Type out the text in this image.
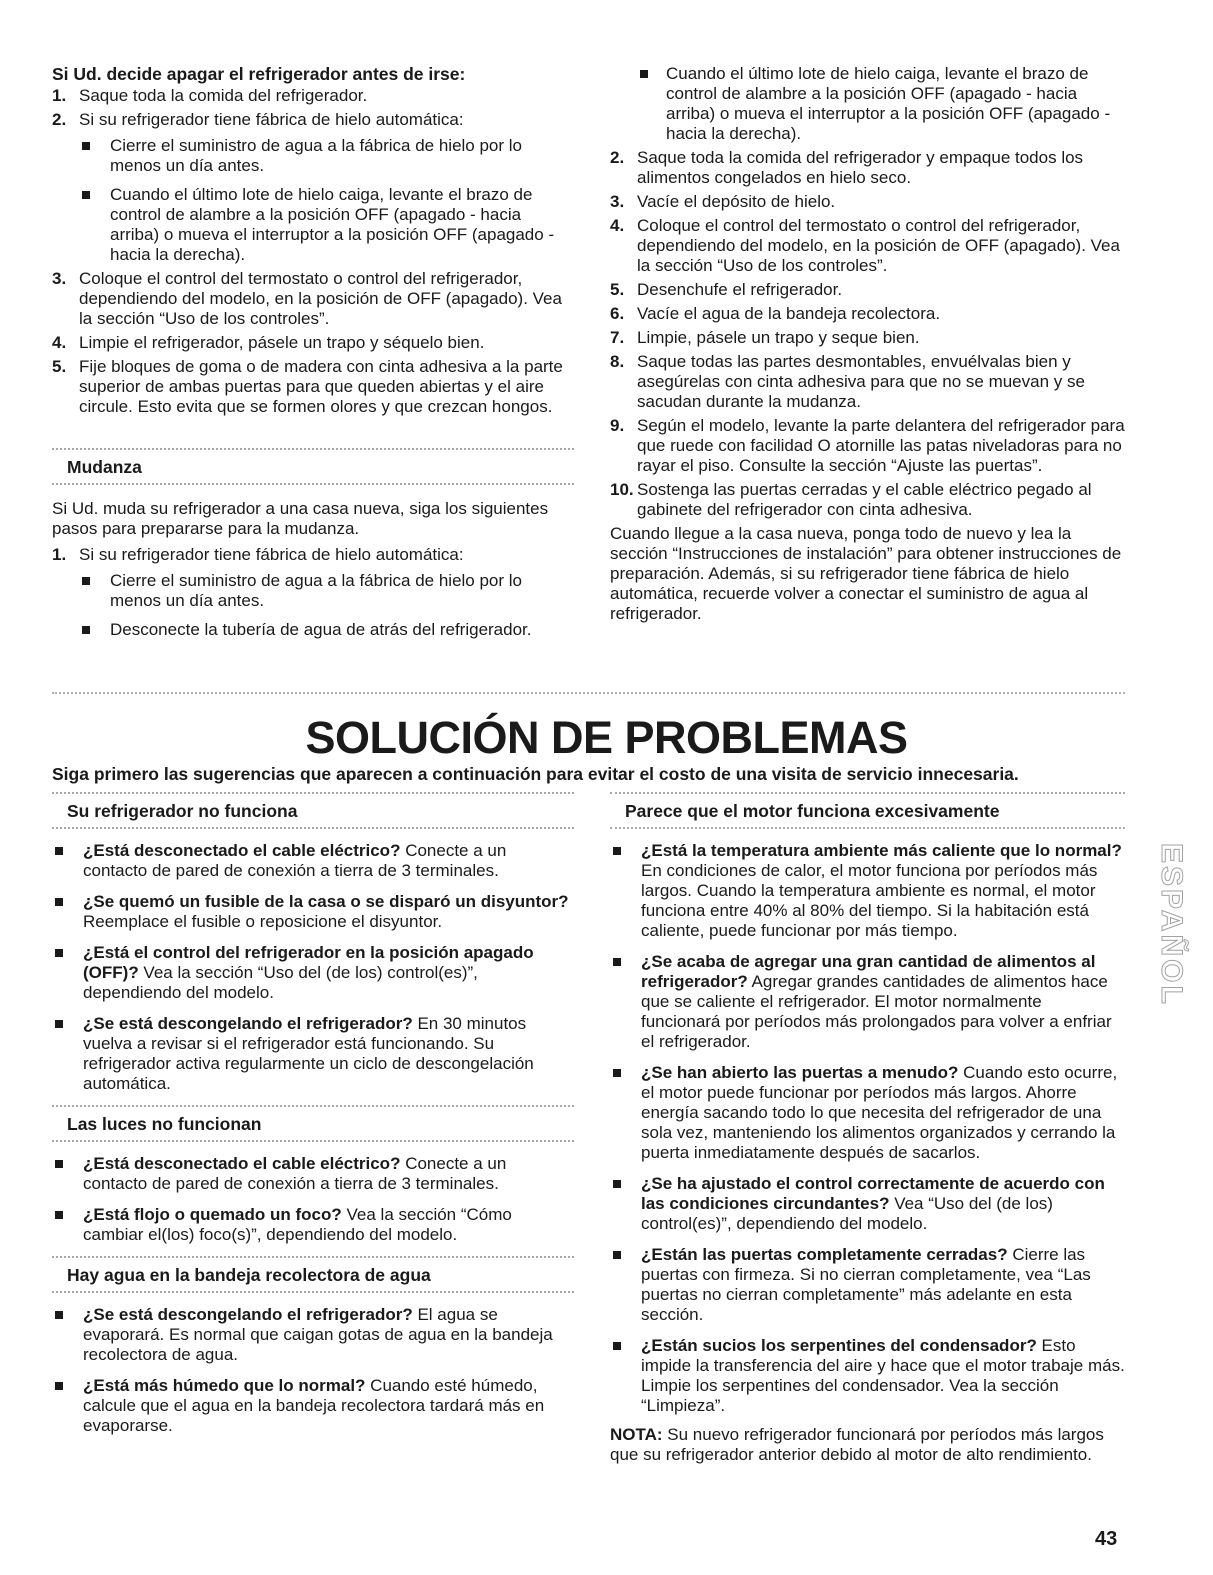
Si Ud. decide apagar el refrigerador antes de irse:
1. Saque toda la comida del refrigerador.
2. Si su refrigerador tiene fábrica de hielo automática:
Cierre el suministro de agua a la fábrica de hielo por lo menos un día antes.
Cuando el último lote de hielo caiga, levante el brazo de control de alambre a la posición OFF (apagado - hacia arriba) o mueva el interruptor a la posición OFF (apagado - hacia la derecha).
3. Coloque el control del termostato o control del refrigerador, dependiendo del modelo, en la posición de OFF (apagado). Vea la sección “Uso de los controles”.
4. Limpie el refrigerador, pásele un trapo y séquelo bien.
5. Fije bloques de goma o de madera con cinta adhesiva a la parte superior de ambas puertas para que queden abiertas y el aire circule. Esto evita que se formen olores y que crezcan hongos.
Mudanza
Si Ud. muda su refrigerador a una casa nueva, siga los siguientes pasos para prepararse para la mudanza.
1. Si su refrigerador tiene fábrica de hielo automática:
Cierre el suministro de agua a la fábrica de hielo por lo menos un día antes.
Desconecte la tubería de agua de atrás del refrigerador.
Cuando el último lote de hielo caiga, levante el brazo de control de alambre a la posición OFF (apagado - hacia arriba) o mueva el interruptor a la posición OFF (apagado - hacia la derecha).
2. Saque toda la comida del refrigerador y empaque todos los alimentos congelados en hielo seco.
3. Vacíe el depósito de hielo.
4. Coloque el control del termostato o control del refrigerador, dependiendo del modelo, en la posición de OFF (apagado). Vea la sección “Uso de los controles”.
5. Desenchufe el refrigerador.
6. Vacíe el agua de la bandeja recolectora.
7. Limpie, pásele un trapo y seque bien.
8. Saque todas las partes desmontables, envuélvalas bien y asegúrelas con cinta adhesiva para que no se muevan y se sacudan durante la mudanza.
9. Según el modelo, levante la parte delantera del refrigerador para que ruede con facilidad O atornille las patas niveladoras para no rayar el piso. Consulte la sección “Ajuste las puertas”.
10. Sostenga las puertas cerradas y el cable eléctrico pegado al gabinete del refrigerador con cinta adhesiva.
Cuando llegue a la casa nueva, ponga todo de nuevo y lea la sección “Instrucciones de instalación” para obtener instrucciones de preparación. Además, si su refrigerador tiene fábrica de hielo automática, recuerde volver a conectar el suministro de agua al refrigerador.
SOLUCIÓN DE PROBLEMAS
Siga primero las sugerencias que aparecen a continuación para evitar el costo de una visita de servicio innecesaria.
Su refrigerador no funciona
¿Está desconectado el cable eléctrico? Conecte a un contacto de pared de conexión a tierra de 3 terminales.
¿Se quemó un fusible de la casa o se disparó un disyuntor? Reemplace el fusible o reposicione el disyuntor.
¿Está el control del refrigerador en la posición apagado (OFF)? Vea la sección “Uso del (de los) control(es)”, dependiendo del modelo.
¿Se está descongelando el refrigerador? En 30 minutos vuelva a revisar si el refrigerador está funcionando. Su refrigerador activa regularmente un ciclo de descongelación automática.
Las luces no funcionan
¿Está desconectado el cable eléctrico? Conecte a un contacto de pared de conexión a tierra de 3 terminales.
¿Está flojo o quemado un foco? Vea la sección “Cómo cambiar el(los) foco(s)”, dependiendo del modelo.
Hay agua en la bandeja recolectora de agua
¿Se está descongelando el refrigerador? El agua se evaporará. Es normal que caigan gotas de agua en la bandeja recolectora de agua.
¿Está más húmedo que lo normal? Cuando esté húmedo, calcule que el agua en la bandeja recolectora tardará más en evaporarse.
Parece que el motor funciona excesivamente
¿Está la temperatura ambiente más caliente que lo normal? En condiciones de calor, el motor funciona por períodos más largos. Cuando la temperatura ambiente es normal, el motor funciona entre 40% al 80% del tiempo. Si la habitación está caliente, puede funcionar por más tiempo.
¿Se acaba de agregar una gran cantidad de alimentos al refrigerador? Agregar grandes cantidades de alimentos hace que se caliente el refrigerador. El motor normalmente funcionará por períodos más prolongados para volver a enfriar el refrigerador.
¿Se han abierto las puertas a menudo? Cuando esto ocurre, el motor puede funcionar por períodos más largos. Ahorre energía sacando todo lo que necesita del refrigerador de una sola vez, manteniendo los alimentos organizados y cerrando la puerta inmediatamente después de sacarlos.
¿Se ha ajustado el control correctamente de acuerdo con las condiciones circundantes? Vea “Uso del (de los) control(es)”, dependiendo del modelo.
¿Están las puertas completamente cerradas? Cierre las puertas con firmeza. Si no cierran completamente, vea “Las puertas no cierran completamente” más adelante en esta sección.
¿Están sucios los serpentines del condensador? Esto impide la transferencia del aire y hace que el motor trabaje más. Limpie los serpentines del condensador. Vea la sección “Limpieza”.
NOTA: Su nuevo refrigerador funcionará por períodos más largos que su refrigerador anterior debido al motor de alto rendimiento.
ESPAÑOL
43
